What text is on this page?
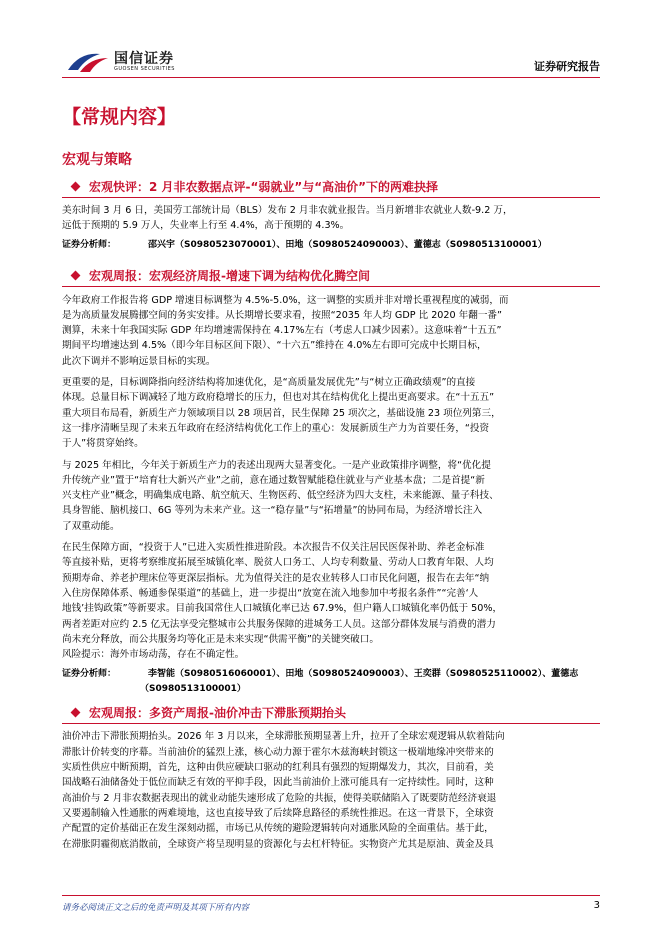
国信证券
GUOSEN SECURITIES	证券研究报告
【常规内容】
宏观与策略
宏观快评：2 月非农数据点评-“弱就业”与“高油价”下的两难抉择

美东时间 3 月 6 日，美国劳工部统计局（BLS）发布 2 月非农就业报告。当月新增非农就业人数-9.2 万，
远低于预期的 5.9 万人，失业率上行至 4.4%，高于预期的 4.3%。

证券分析师：	邵兴宇（S0980523070001）、田地（S0980524090003）、董德志（S0980513100001）
宏观周报：宏观经济周报-增速下调为结构优化腾空间

今年政府工作报告将 GDP 增速目标调整为 4.5%-5.0%，这一调整的实质并非对增长重视程度的减弱，而
是为高质量发展腾挪空间的务实安排。从长期增长要求看，按照“2035 年人均 GDP 比 2020 年翻一番”
测算，未来十年我国实际 GDP 年均增速需保持在 4.17%左右（考虑人口减少因素）。这意味着“十五五”
期间平均增速达到 4.5%（即今年目标区间下限）、“十六五”维持在 4.0%左右即可完成中长期目标，
此次下调并不影响远景目标的实现。

更重要的是，目标调降指向经济结构将加速优化，是“高质量发展优先”与“树立正确政绩观”的直接
体现。总量目标下调减轻了地方政府稳增长的压力，但也对其在结构优化上提出更高要求。在“十五五”
重大项目布局看，新质生产力领域项目以 28 项居首，民生保障 25 项次之，基础设施 23 项位列第三，
这一排序清晰呈现了未来五年政府在经济结构优化工作上的重心：发展新质生产力为首要任务，“投资
于人”将贯穿始终。

与 2025 年相比，今年关于新质生产力的表述出现两大显著变化。一是产业政策排序调整，将“优化提
升传统产业”置于“培育壮大新兴产业”之前，意在通过数智赋能稳住就业与产业基本盘；二是首提“新
兴支柱产业”概念，明确集成电路、航空航天、生物医药、低空经济为四大支柱，未来能源、量子科技、
具身智能、脑机接口、6G 等列为未来产业。这一“稳存量”与“拓增量”的协同布局，为经济增长注入
了双重动能。

在民生保障方面，“投资于人”已进入实质性推进阶段。本次报告不仅关注居民医保补助、养老金标准
等直接补贴，更将考察维度拓展至城镇化率、脱贫人口务工、人均专利数量、劳动人口教育年限、人均
预期寿命、养老护理床位等更深层指标。尤为值得关注的是农业转移人口市民化问题，报告在去年“纳
入住房保障体系、畅通参保渠道”的基础上，进一步提出“放宽在流入地参加中考报名条件”“完善‘人
地钱’挂钩政策”等新要求。目前我国常住人口城镇化率已达 67.9%，但户籍人口城镇化率仍低于 50%，
两者差距对应约 2.5 亿无法享受完整城市公共服务保障的进城务工人员。这部分群体发展与消费的潜力
尚未充分释放，而公共服务均等化正是未来实现“供需平衡”的关键突破口。

风险提示：海外市场动荡，存在不确定性。

证券分析师：	李智能（S0980516060001）、田地（S0980524090003）、王奕群（S0980525110002）、董德志
（S0980513100001）
宏观周报：多资产周报-油价冲击下滞胀预期抬头

油价冲击下滞胀预期抬头。2026 年 3 月以来，全球滞胀预期显著上升，拉开了全球宏观逻辑从软着陆向
滞胀计价转变的序幕。当前油价的猛烈上涨，核心动力源于霍尔木兹海峡封锁这一极端地缘冲突带来的
实质性供应中断预期，首先，这种由供应硬缺口驱动的红利具有强烈的短期爆发力，其次，目前看，美
国战略石油储备处于低位而缺乏有效的平抑手段，因此当前油价上涨可能具有一定持续性。同时，这种
高油价与 2 月非农数据表现出的就业动能失速形成了危险的共振，使得美联储陷入了既要防范经济衰退
又要遏制输入性通胀的两难境地，这也直接导致了后续降息路径的系统性推迟。在这一背景下，全球资
产配置的定价基础正在发生深刻动摇，市场已从传统的避险逻辑转向对通胀风险的全面重估。基于此，
在滞胀阴霾彻底消散前，全球资产将呈现明显的资源化与去杠杆特征。实物资产尤其是原油、黄金及具

请务必阅读正文之后的免责声明及其项下所有内容	3
